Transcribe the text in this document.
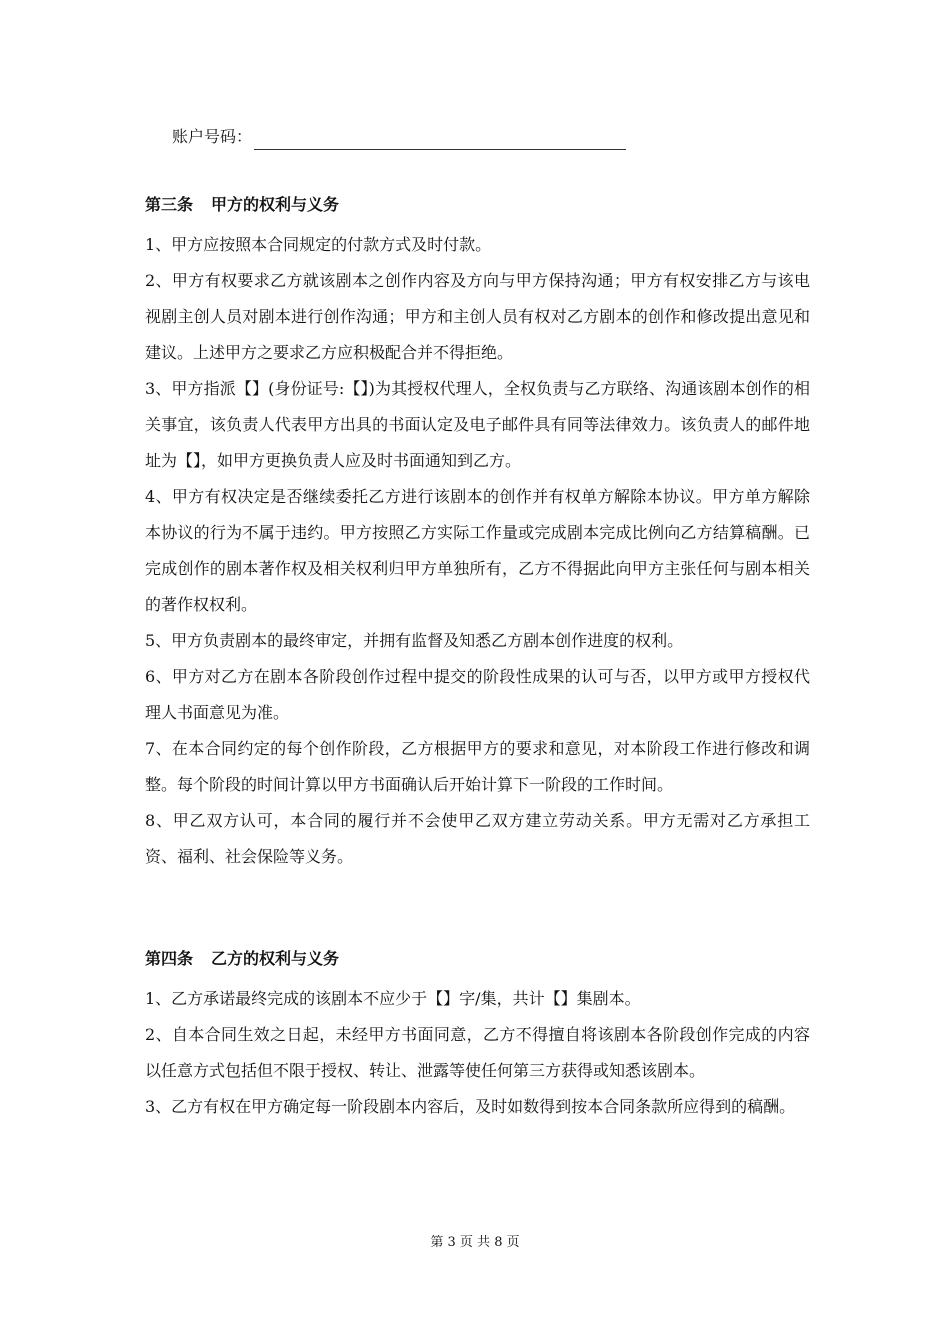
账户号码：

第三条 甲方的权利与义务

1、甲方应按照本合同规定的付款方式及时付款。

2、甲方有权要求乙方就该剧本之创作内容及方向与甲方保持沟通；甲方有权安排乙方与该电视剧主创人员对剧本进行创作沟通；甲方和主创人员有权对乙方剧本的创作和修改提出意见和建议。上述甲方之要求乙方应积极配合并不得拒绝。

3、甲方指派【】(身份证号:【】)为其授权代理人，全权负责与乙方联络、沟通该剧本创作的相关事宜，该负责人代表甲方出具的书面认定及电子邮件具有同等法律效力。该负责人的邮件地址为【】，如甲方更换负责人应及时书面通知到乙方。

4、甲方有权决定是否继续委托乙方进行该剧本的创作并有权单方解除本协议。甲方单方解除本协议的行为不属于违约。甲方按照乙方实际工作量或完成剧本完成比例向乙方结算稿酬。已完成创作的剧本著作权及相关权利归甲方单独所有，乙方不得据此向甲方主张任何与剧本相关的著作权权利。

5、甲方负责剧本的最终审定，并拥有监督及知悉乙方剧本创作进度的权利。

6、甲方对乙方在剧本各阶段创作过程中提交的阶段性成果的认可与否，以甲方或甲方授权代理人书面意见为准。

7、在本合同约定的每个创作阶段，乙方根据甲方的要求和意见，对本阶段工作进行修改和调整。每个阶段的时间计算以甲方书面确认后开始计算下一阶段的工作时间。

8、甲乙双方认可，本合同的履行并不会使甲乙双方建立劳动关系。甲方无需对乙方承担工资、福利、社会保险等义务。

第四条 乙方的权利与义务

1、乙方承诺最终完成的该剧本不应少于【】字/集，共计【】集剧本。

2、自本合同生效之日起，未经甲方书面同意，乙方不得擅自将该剧本各阶段创作完成的内容以任意方式包括但不限于授权、转让、泄露等使任何第三方获得或知悉该剧本。

3、乙方有权在甲方确定每一阶段剧本内容后，及时如数得到按本合同条款所应得到的稿酬。

第 3 页 共 8 页
